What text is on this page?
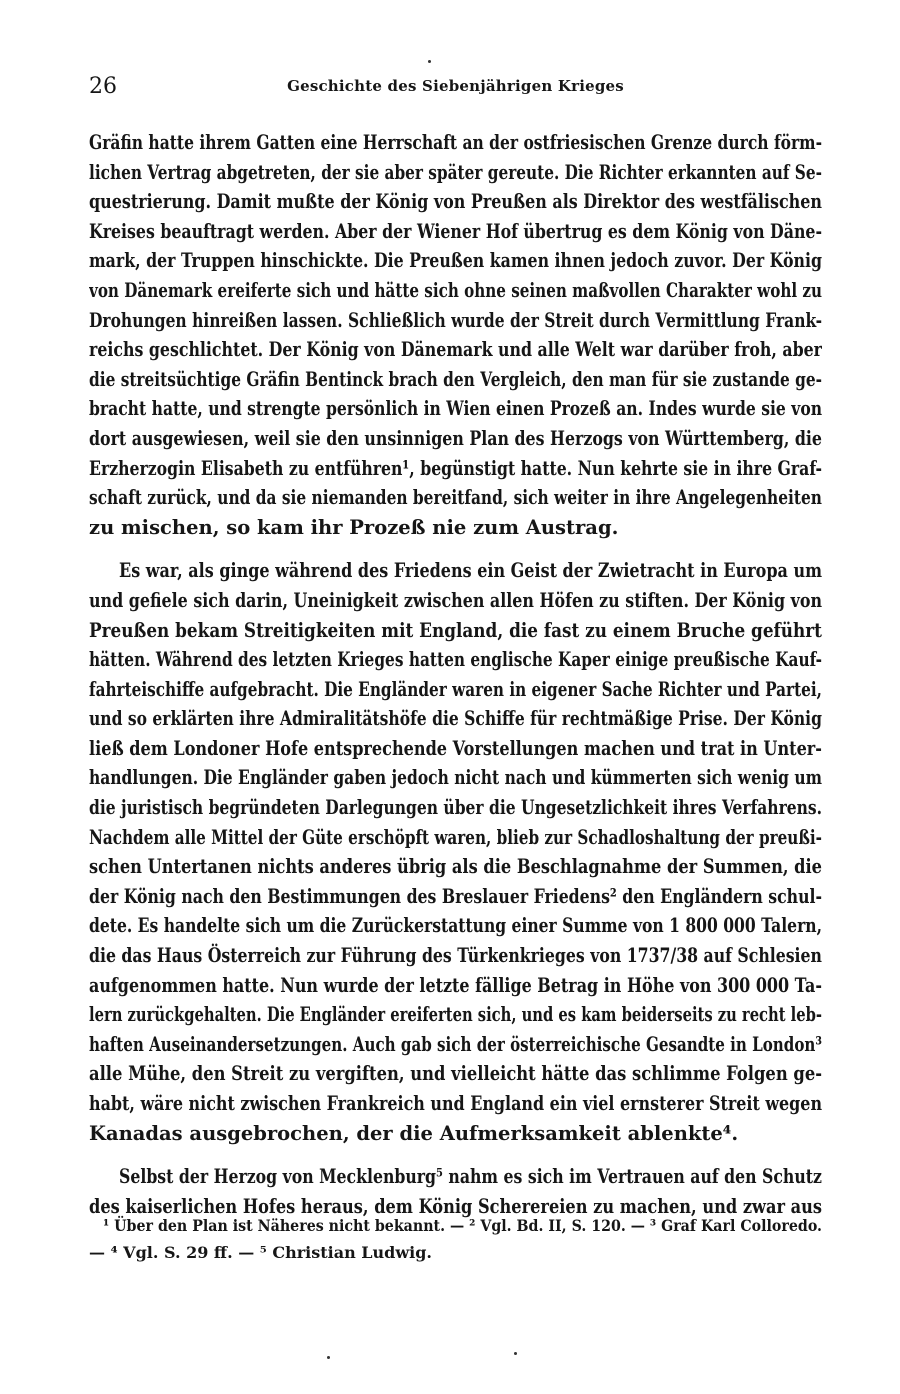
26	Geschichte des Siebenjährigen Krieges
Gräfin hatte ihrem Gatten eine Herrschaft an der ostfriesischen Grenze durch förm-
lichen Vertrag abgetreten, der sie aber später gereute. Die Richter erkannten auf Se-
questrierung. Damit mußte der König von Preußen als Direktor des westfälischen
Kreises beauftragt werden. Aber der Wiener Hof übertrug es dem König von Däne-
mark, der Truppen hinschickte. Die Preußen kamen ihnen jedoch zuvor. Der König
von Dänemark ereiferte sich und hätte sich ohne seinen maßvollen Charakter wohl zu
Drohungen hinreißen lassen. Schließlich wurde der Streit durch Vermittlung Frank-
reichs geschlichtet. Der König von Dänemark und alle Welt war darüber froh, aber
die streitsüchtige Gräfin Bentinck brach den Vergleich, den man für sie zustande ge-
bracht hatte, und strengte persönlich in Wien einen Prozeß an. Indes wurde sie von
dort ausgewiesen, weil sie den unsinnigen Plan des Herzogs von Württemberg, die
Erzherzogin Elisabeth zu entführen¹, begünstigt hatte. Nun kehrte sie in ihre Graf-
schaft zurück, und da sie niemanden bereitfand, sich weiter in ihre Angelegenheiten
zu mischen, so kam ihr Prozeß nie zum Austrag.
Es war, als ginge während des Friedens ein Geist der Zwietracht in Europa um
und gefiele sich darin, Uneinigkeit zwischen allen Höfen zu stiften. Der König von
Preußen bekam Streitigkeiten mit England, die fast zu einem Bruche geführt
hätten. Während des letzten Krieges hatten englische Kaper einige preußische Kauf-
fahrteischiffe aufgebracht. Die Engländer waren in eigener Sache Richter und Partei,
und so erklärten ihre Admiralitätshöfe die Schiffe für rechtmäßige Prise. Der König
ließ dem Londoner Hofe entsprechende Vorstellungen machen und trat in Unter-
handlungen. Die Engländer gaben jedoch nicht nach und kümmerten sich wenig um
die juristisch begründeten Darlegungen über die Ungesetzlichkeit ihres Verfahrens.
Nachdem alle Mittel der Güte erschöpft waren, blieb zur Schadloshaltung der preußi-
schen Untertanen nichts anderes übrig als die Beschlagnahme der Summen, die
der König nach den Bestimmungen des Breslauer Friedens² den Engländern schul-
dete. Es handelte sich um die Zurückerstattung einer Summe von 1 800 000 Talern,
die das Haus Österreich zur Führung des Türkenkrieges von 1737/38 auf Schlesien
aufgenommen hatte. Nun wurde der letzte fällige Betrag in Höhe von 300 000 Ta-
lern zurückgehalten. Die Engländer ereiferten sich, und es kam beiderseits zu recht leb-
haften Auseinandersetzungen. Auch gab sich der österreichische Gesandte in London³
alle Mühe, den Streit zu vergiften, und vielleicht hätte das schlimme Folgen ge-
habt, wäre nicht zwischen Frankreich und England ein viel ernsterer Streit wegen
Kanadas ausgebrochen, der die Aufmerksamkeit ablenkte⁴.
Selbst der Herzog von Mecklenburg⁵ nahm es sich im Vertrauen auf den Schutz
des kaiserlichen Hofes heraus, dem König Scherereien zu machen, und zwar aus
¹ Über den Plan ist Näheres nicht bekannt. — ² Vgl. Bd. II, S. 120. — ³ Graf Karl Colloredo.
— ⁴ Vgl. S. 29 ff. — ⁵ Christian Ludwig.
